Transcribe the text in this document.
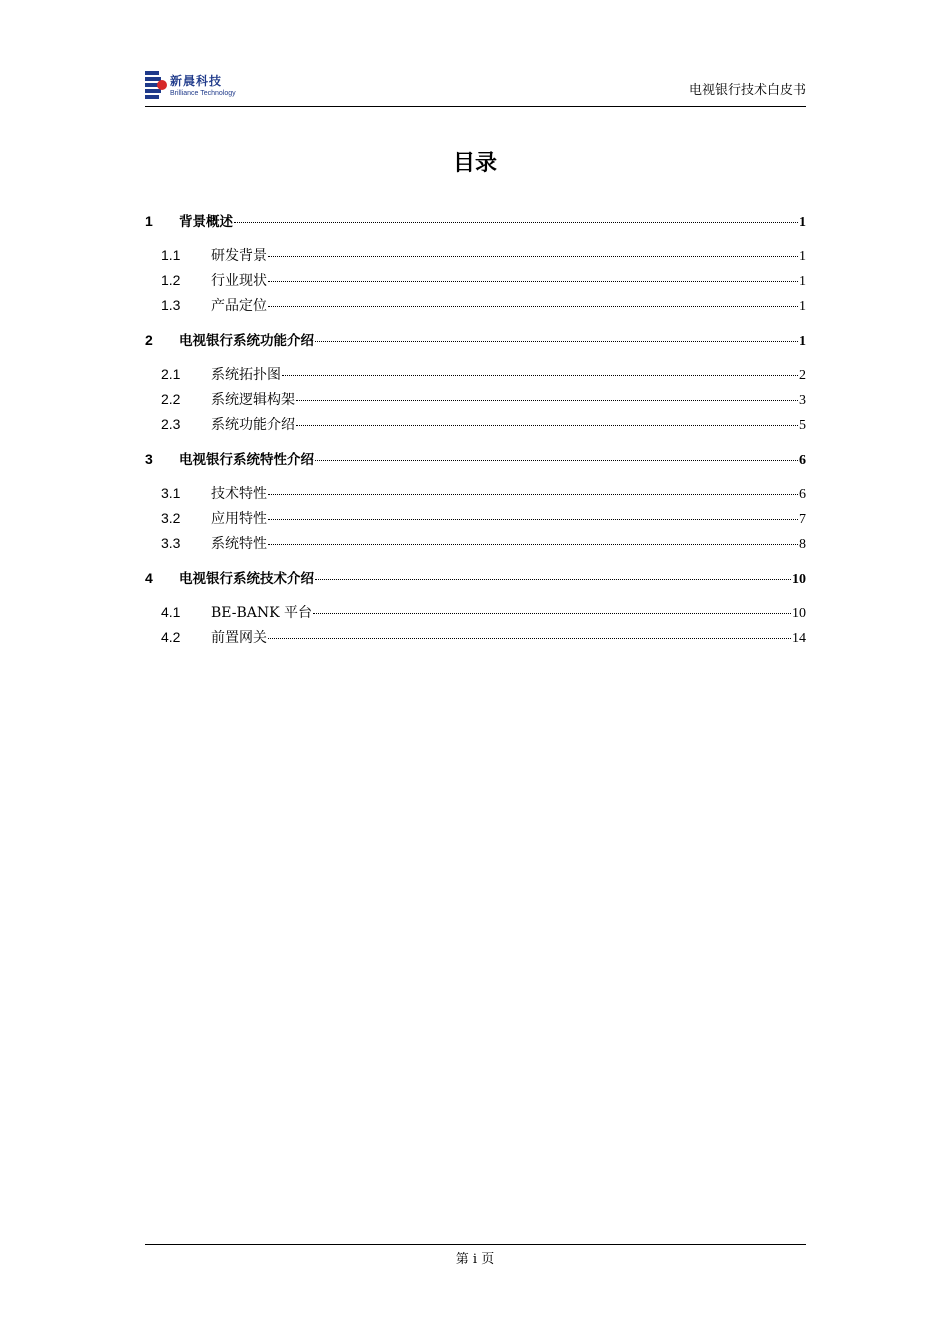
新晨科技
Brilliance Technology	电视银行技术白皮书
目录
1	背景概述	1
1.1	研发背景	1
1.2	行业现状	1
1.3	产品定位	1
2	电视银行系统功能介绍	1
2.1	系统拓扑图	2
2.2	系统逻辑构架	3
2.3	系统功能介绍	5
3	电视银行系统特性介绍	6
3.1	技术特性	6
3.2	应用特性	7
3.3	系统特性	8
4	电视银行系统技术介绍	10
4.1	BE-BANK 平台	10
4.2	前置网关	14
第 i 页
